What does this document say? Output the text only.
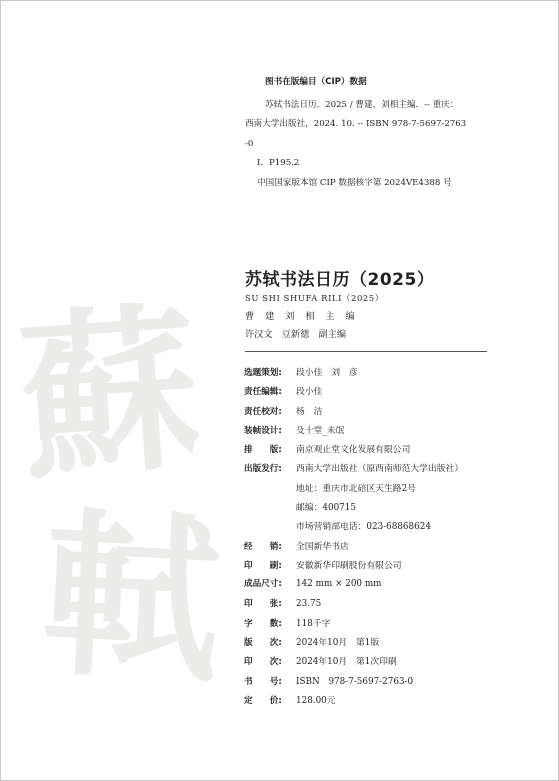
蘇
軾
图书在版编目（CIP）数据
苏轼书法日历．2025 / 曹建，刘相主编．-- 重庆：
西南大学出版社，2024. 10. -- ISBN 978-7-5697-2763
-0
Ⅰ．P195.2
中国国家版本馆 CIP 数据核字第 2024VE4388 号
苏轼书法日历（2025）
SU SHI SHUFA RILI（2025）
曹 建 刘 相 主 编
许汉文　豆新德　副主编
选题策划:	段小佳　刘　彦
责任编辑:	段小佳
责任校对:	杨　洁
装帧设计:	殳十堂_未氓
排　　版:	南京观止堂文化发展有限公司
出版发行:	西南大学出版社（原西南师范大学出版社）
地址：重庆市北碚区天生路2号
邮编：400715
市场营销部电话：023-68868624
经　　销:	全国新华书店
印　　刷:	安徽新华印刷股份有限公司
成品尺寸:	142 mm × 200 mm
印　　张:	23.75
字　　数:	118千字
版　　次:	2024年10月　第1版
印　　次:	2024年10月　第1次印刷
书　　号:	ISBN　978-7-5697-2763-0
定　　价:	128.00元
